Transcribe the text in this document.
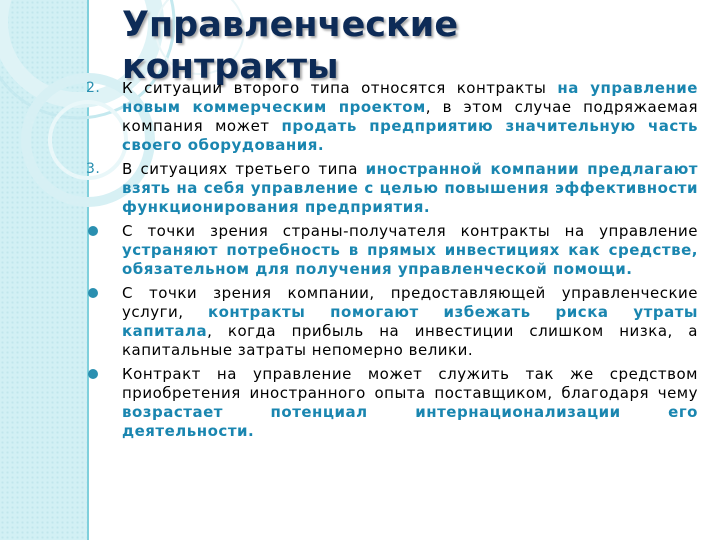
Управленческие контракты
2.	К ситуации второго типа относятся контракты на управление новым коммерческим проектом, в этом случае подряжаемая компания может продать предприятию значительную часть своего оборудования.
3.	В ситуациях третьего типа иностранной компании предлагают взять на себя управление с целью повышения эффективности функционирования предприятия.
С точки зрения страны-получателя контракты на управление устраняют потребность в прямых инвестициях как средстве, обязательном для получения управленческой помощи.
С точки зрения компании, предоставляющей управленческие услуги, контракты помогают избежать риска утраты капитала, когда прибыль на инвестиции слишком низка, а капитальные затраты непомерно велики.
Контракт на управление может служить так же средством приобретения иностранного опыта поставщиком, благодаря чему возрастает потенциал интернационализации его деятельности.
